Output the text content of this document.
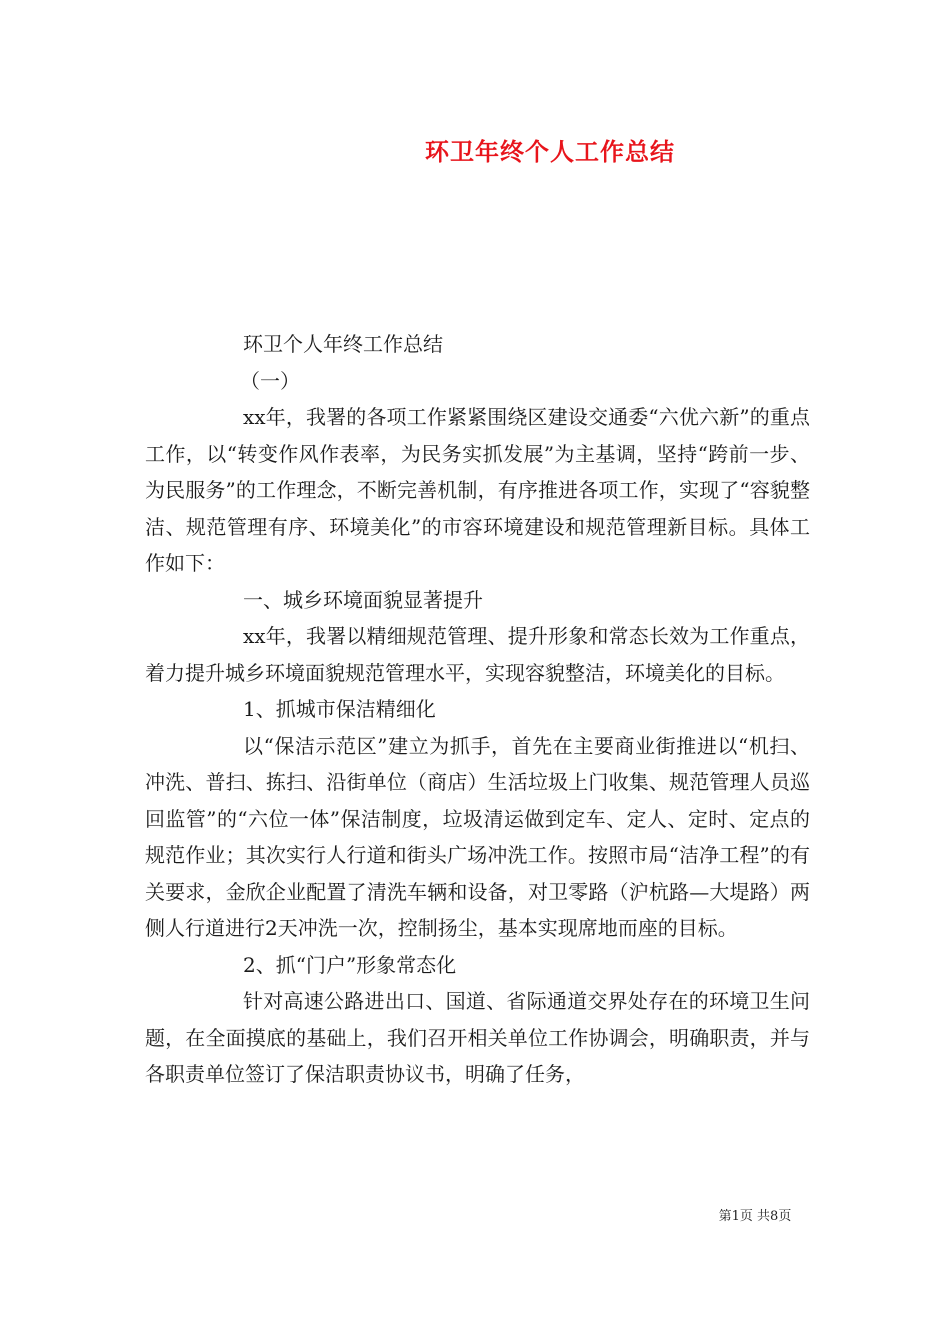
环卫年终个人工作总结

环卫个人年终工作总结

（一）

xx年，我署的各项工作紧紧围绕区建设交通委“六优六新”的重点工作，以“转变作风作表率，为民务实抓发展”为主基调，坚持“跨前一步、为民服务”的工作理念，不断完善机制，有序推进各项工作，实现了“容貌整洁、规范管理有序、环境美化”的市容环境建设和规范管理新目标。具体工作如下：

一、城乡环境面貌显著提升

xx年，我署以精细规范管理、提升形象和常态长效为工作重点，着力提升城乡环境面貌规范管理水平，实现容貌整洁，环境美化的目标。

1、抓城市保洁精细化

以“保洁示范区”建立为抓手，首先在主要商业街推进以“机扫、冲洗、普扫、拣扫、沿街单位（商店）生活垃圾上门收集、规范管理人员巡回监管”的“六位一体”保洁制度，垃圾清运做到定车、定人、定时、定点的规范作业；其次实行人行道和街头广场冲洗工作。按照市局“洁净工程”的有关要求，金欣企业配置了清洗车辆和设备，对卫零路（沪杭路—大堤路）两侧人行道进行2天冲洗一次，控制扬尘，基本实现席地而座的目标。

2、抓“门户”形象常态化

针对高速公路进出口、国道、省际通道交界处存在的环境卫生问题，在全面摸底的基础上，我们召开相关单位工作协调会，明确职责，并与各职责单位签订了保洁职责协议书，明确了任务，

第1页 共8页
